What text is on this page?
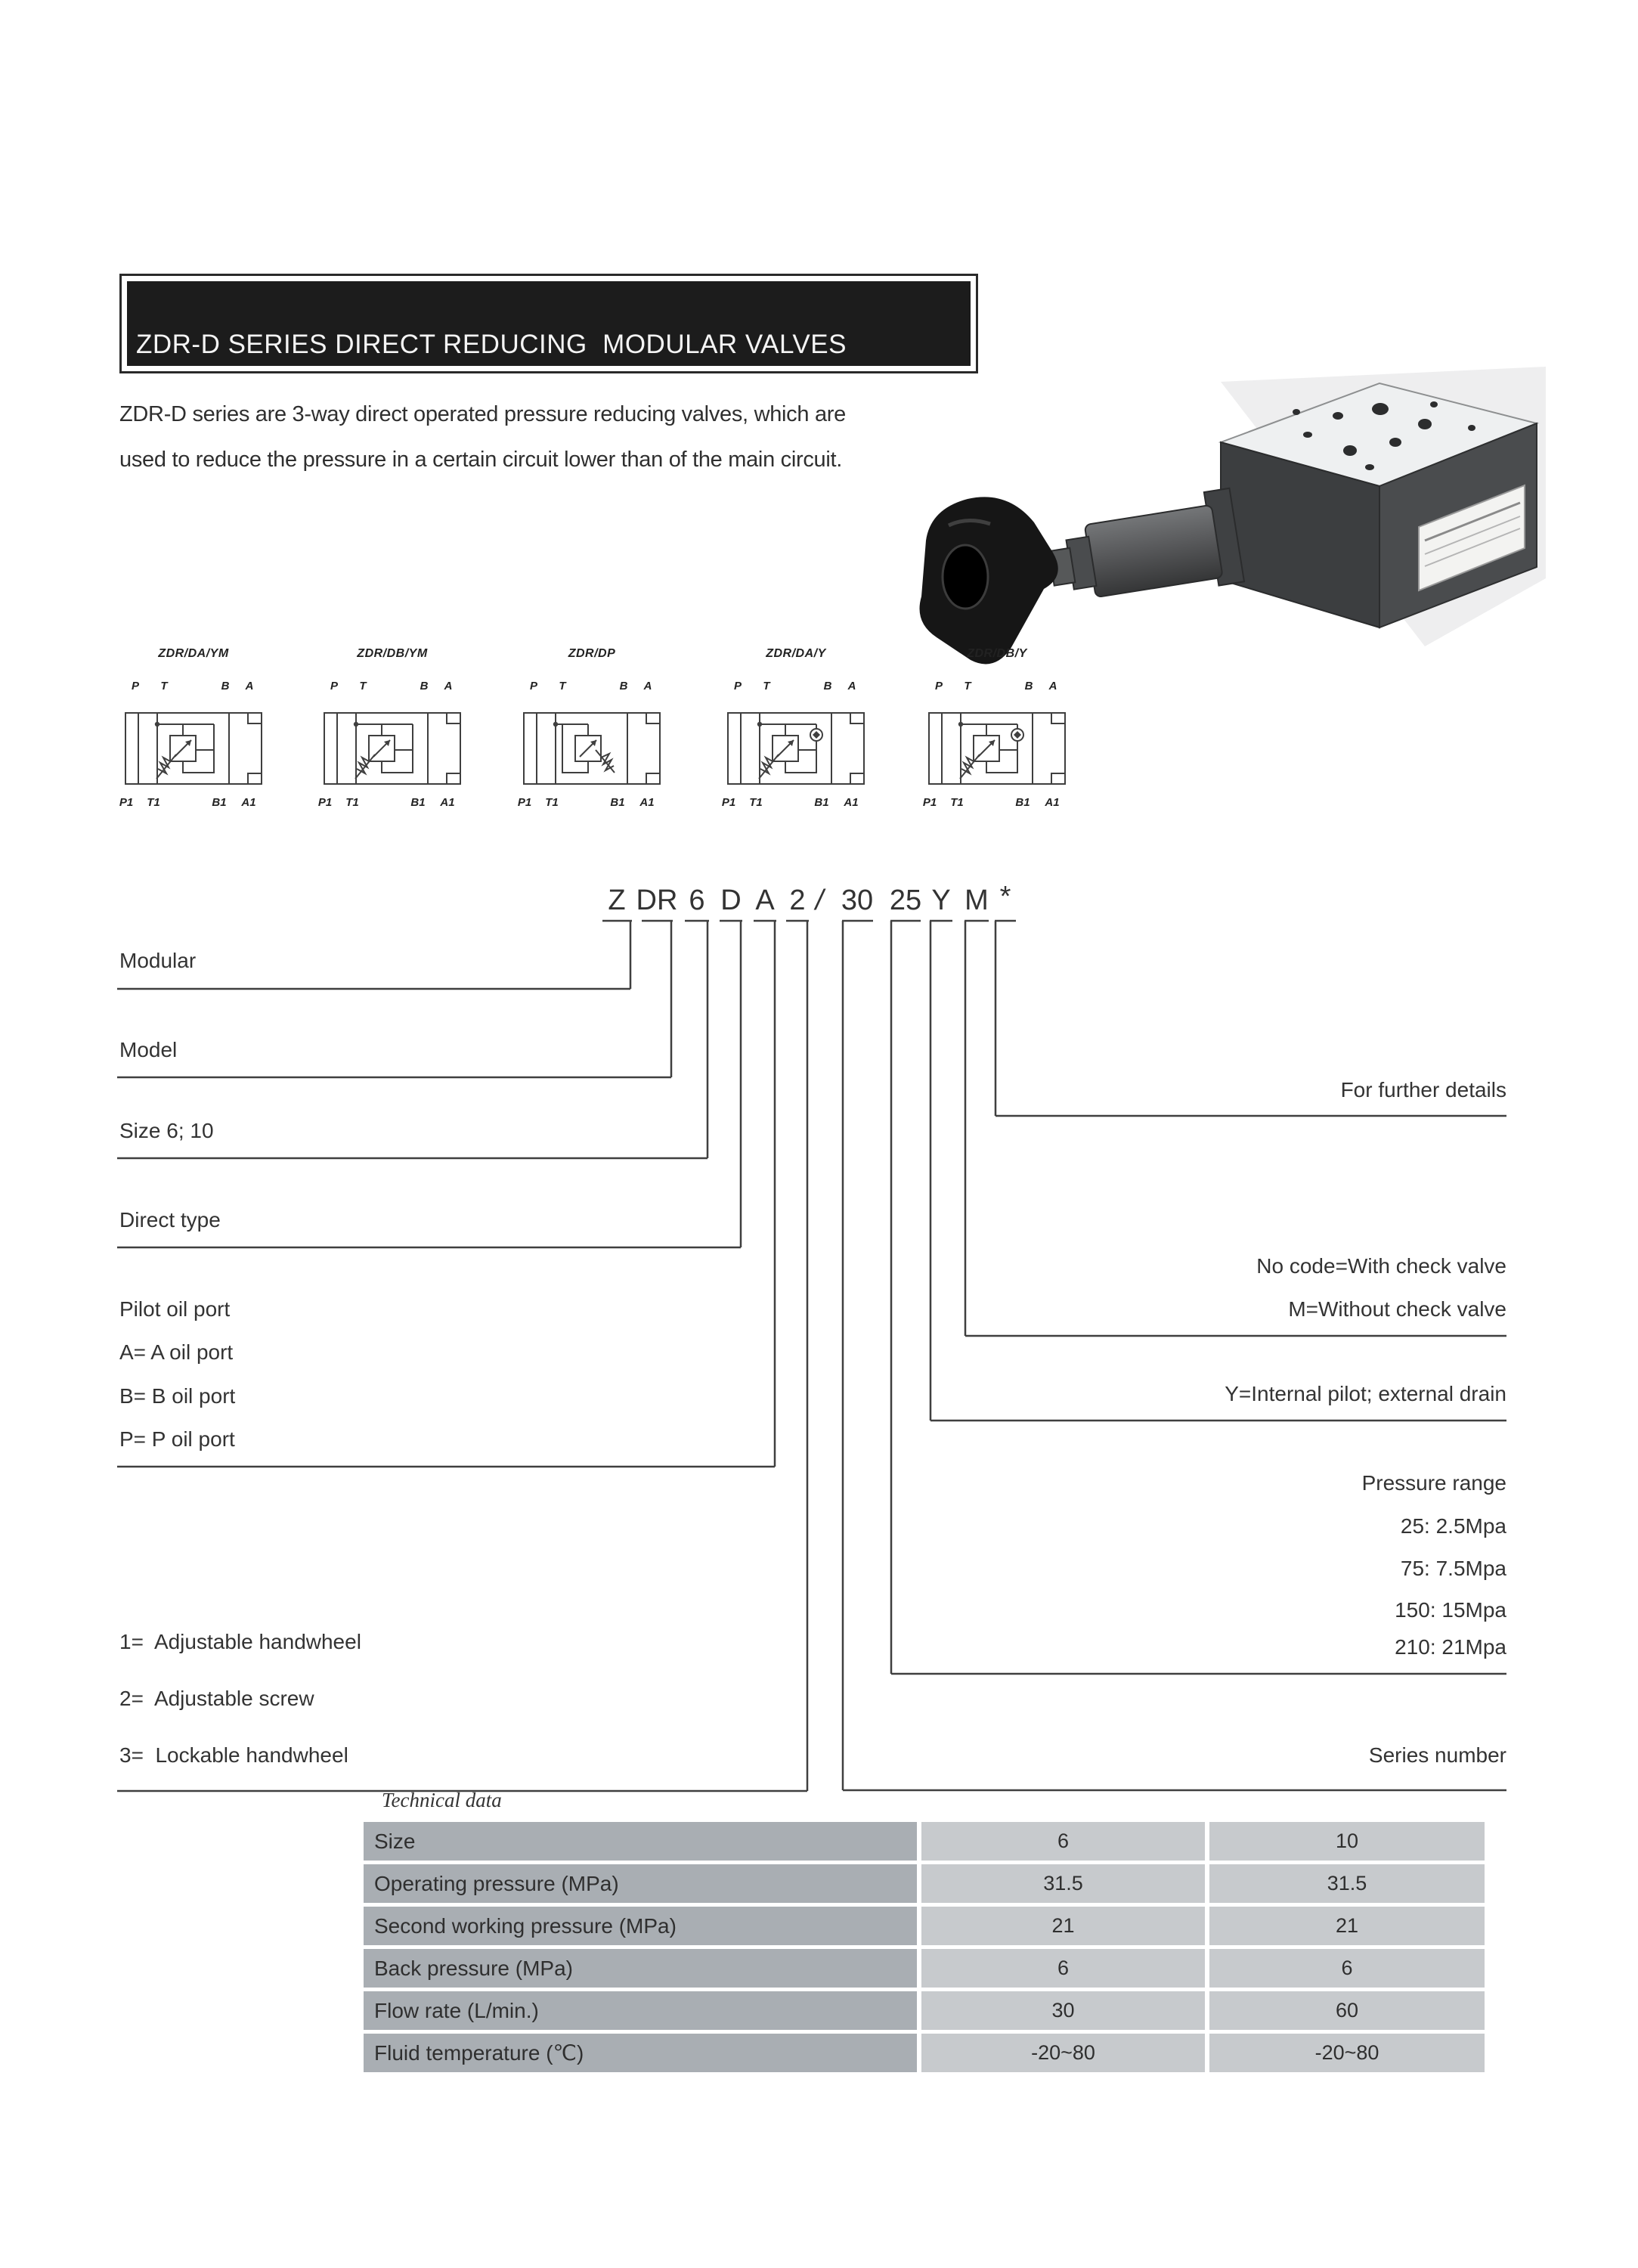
ZDR-D SERIES DIRECT REDUCING  MODULAR VALVES
ZDR-D series are 3-way direct operated pressure reducing valves, which are
used to reduce the pressure in a certain circuit lower than of the main circuit.
ZDR/DA/YM
P T	B A
P1 T1	B1 A1
ZDR/DB/YM
P T	B A
P1 T1	B1 A1
ZDR/DP
P T	B A
P1 T1	B1 A1
ZDR/DA/Y
P T	B A
P1 T1	B1 A1
ZDR/DB/Y
P T	B A
P1 T1	B1 A1
Z DR 6 D A 2 / 30 25 Y M *
Modular
Model
Size 6; 10
Direct type
Pilot oil port
A= A oil port
B= B oil port
P= P oil port
1=  Adjustable handwheel
2=  Adjustable screw
3=  Lockable handwheel
For further details
No code=With check valve
M=Without check valve
Y=Internal pilot; external drain
Pressure range
25: 2.5Mpa
75: 7.5Mpa
150: 15Mpa
210: 21Mpa
Series number
Technical data
Size	6	10
Operating pressure (MPa)	31.5	31.5
Second working pressure (MPa)	21	21
Back pressure (MPa)	6	6
Flow rate (L/min.)	30	60
Fluid temperature (℃)	-20~80	-20~80
